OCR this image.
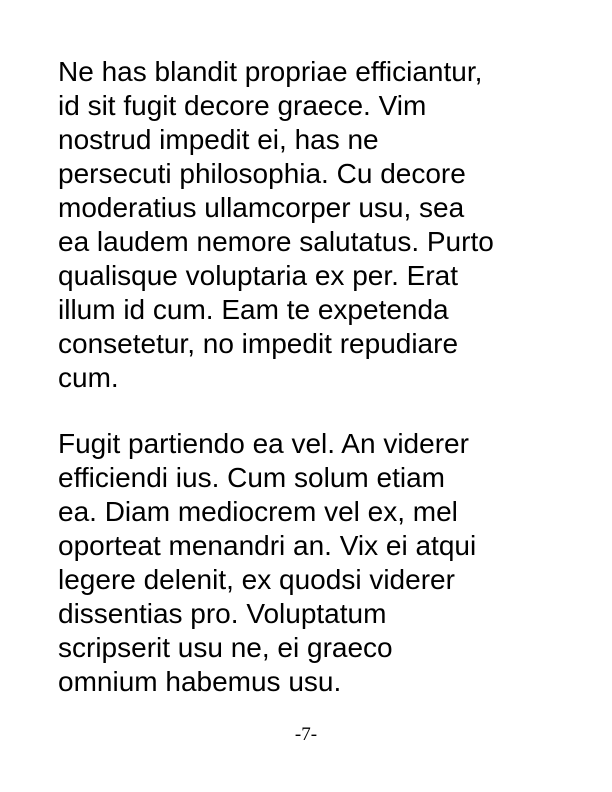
Ne has blandit propriae efficiantur,
id sit fugit decore graece. Vim
nostrud impedit ei, has ne
persecuti philosophia. Cu decore
moderatius ullamcorper usu, sea
ea laudem nemore salutatus. Purto
qualisque voluptaria ex per. Erat
illum id cum. Eam te expetenda
consetetur, no impedit repudiare
cum.

Fugit partiendo ea vel. An viderer
efficiendi ius. Cum solum etiam
ea. Diam mediocrem vel ex, mel
oporteat menandri an. Vix ei atqui
legere delenit, ex quodsi viderer
dissentias pro. Voluptatum
scripserit usu ne, ei graeco
omnium habemus usu.

-7-
